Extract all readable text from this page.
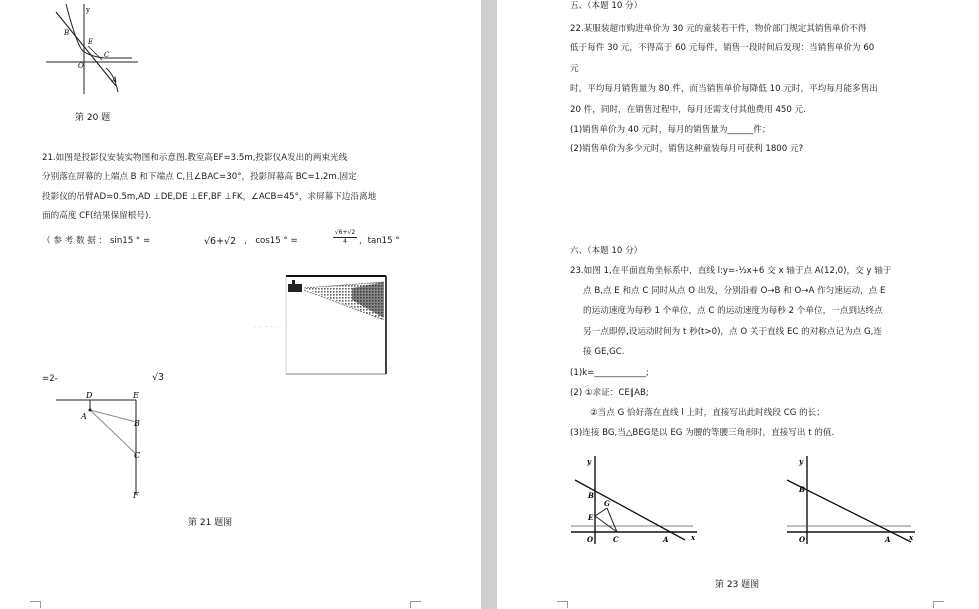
y
B
E
C
O
A
第 20 题
21.如图是投影仪安装实物图和示意图.教室高EF=3.5m,投影仪A发出的两束光线
分别落在屏幕的上端点 B 和下端点 C,且∠BAC=30°，投影屏幕高 BC=1.2m.固定
投影仪的吊臂AD=0.5m,AD ⊥DE,DE ⊥EF,BF ⊥FK，∠ACB=45°，求屏幕下边沿离地
面的高度 CF(结果保留根号).
（ 参 考 数 据 ： sin15 ° =	√6+√2 ， cos15 ° =	$\frac{√6+√2}{4}$ ，tan15 °
ᐧ ᐨᐧ ᐨ ᐨ ᐧ ᐨ
ᐧ
=2-	√3
D	E
A
B
C
F
第 21 题图
五、（本题 10 分）
22.某服装超市购进单价为 30 元的童装若干件，物价部门规定其销售单价不得
低于每件 30 元，不得高于 60 元每件，销售一段时间后发现：当销售单价为 60
元
时，平均每月销售量为 80 件，而当销售单价每降低 10 元时，平均每月能多售出
20 件，同时，在销售过程中，每月还需支付其他费用 450 元.
(1)销售单价为 40 元时，每月的销售量为______件；
(2)销售单价为多少元时，销售这种童装每月可获利 1800 元?
六、（本题 10 分）
23.如图 1,在平面直角坐标系中，直线 l:y=-½x+6 交 x 轴于点 A(12,0)，交 y 轴于
点 B,点 E 和点 C 同时从点 O 出发，分别沿着 O→B 和 O→A 作匀速运动，点 E
的运动速度为每秒 1 个单位，点 C 的运动速度为每秒 2 个单位，一点到达终点
另一点即停,设运动时间为 t 秒(t>0)，点 O 关于直线 EC 的对称点记为点 G,连
接 GE,GC.
(1)k=____________;
(2) ①求证：CE∥AB;
②当点 G 恰好落在直线 l 上时，直接写出此时线段 CG 的长；
(3)连接 BG,当△BEG是以 EG 为腰的等腰三角形时，直接写出 t 的值.
y
B
G
E
O	C	A	x
y
B
O	A	x
第 23 题图
